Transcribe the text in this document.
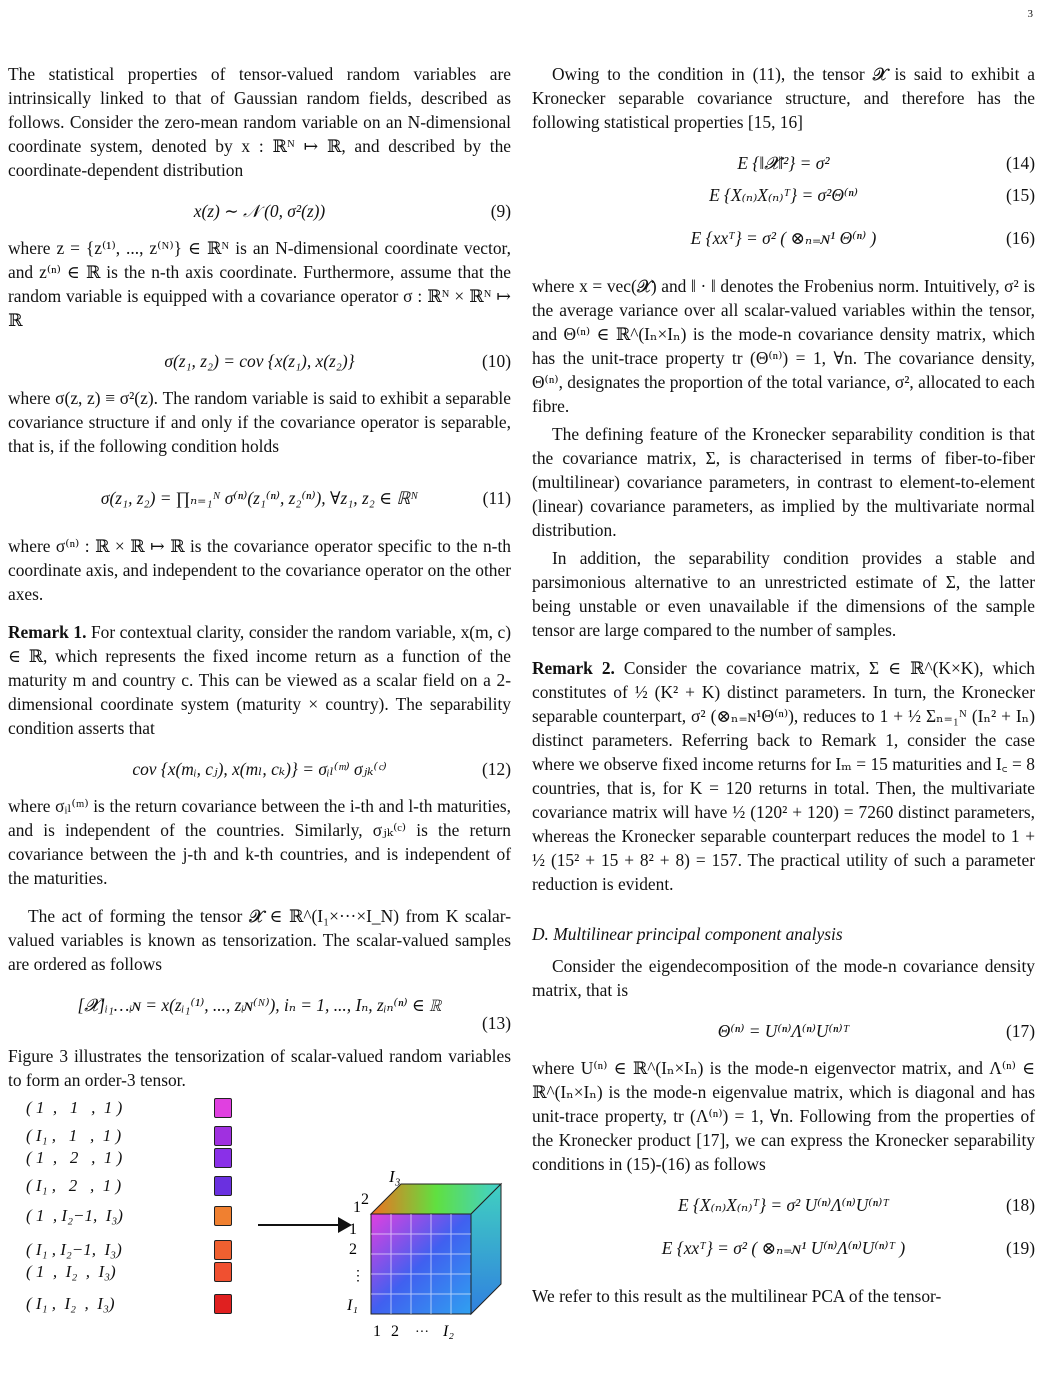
3

The statistical properties of tensor-valued random variables are intrinsically linked to that of Gaussian random fields, described as follows. Consider the zero-mean random variable on an N-dimensional coordinate system, denoted by x : ℝᴺ ↦ ℝ, and described by the coordinate-dependent distribution

x(z) ∼ 𝒩 (0, σ²(z))	(9)

where z = {z⁽¹⁾, ..., z⁽ᴺ⁾} ∈ ℝᴺ is an N-dimensional coordinate vector, and z⁽ⁿ⁾ ∈ ℝ is the n-th axis coordinate. Furthermore, assume that the random variable is equipped with a covariance operator σ : ℝᴺ × ℝᴺ ↦ ℝ

σ(z₁, z₂) = cov {x(z₁), x(z₂)}	(10)

where σ(z, z) ≡ σ²(z). The random variable is said to exhibit a separable covariance structure if and only if the covariance operator is separable, that is, if the following condition holds

σ(z₁, z₂) = ∏ₙ₌₁ᴺ σ⁽ⁿ⁾(z₁⁽ⁿ⁾, z₂⁽ⁿ⁾), ∀z₁, z₂ ∈ ℝᴺ	(11)

where σ⁽ⁿ⁾ : ℝ × ℝ ↦ ℝ is the covariance operator specific to the n-th coordinate axis, and independent to the covariance operator on the other axes.

Remark 1. For contextual clarity, consider the random variable, x(m, c) ∈ ℝ, which represents the fixed income return as a function of the maturity m and country c. This can be viewed as a scalar field on a 2-dimensional coordinate system (maturity × country). The separability condition asserts that

cov {x(mᵢ, cⱼ), x(mₗ, cₖ)} = σᵢₗ⁽ᵐ⁾ σⱼₖ⁽ᶜ⁾	(12)

where σᵢₗ⁽ᵐ⁾ is the return covariance between the i-th and l-th maturities, and is independent of the countries. Similarly, σⱼₖ⁽ᶜ⁾ is the return covariance between the j-th and k-th countries, and is independent of the maturities.

The act of forming the tensor 𝓧 ∈ ℝ^(I₁×···×I_N) from K scalar-valued variables is known as tensorization. The scalar-valued samples are ordered as follows

[𝓧]ᵢ₁…ᵢɴ = x(zᵢ₁⁽¹⁾, ..., zᵢɴ⁽ᴺ⁾), iₙ = 1, ..., Iₙ, zᵢₙ⁽ⁿ⁾ ∈ ℝ
(13)

Figure 3 illustrates the tensorization of scalar-valued random variables to form an order-3 tensor.

( 1  ,   1   ,  1 )
( I₁ ,   1   ,  1 )
( 1  ,   2   ,  1 )
( I₁ ,   2   ,  1 )
( 1  , I₂−1,  I₃)
( I₁ , I₂−1,  I₃)
( 1  ,  I₂  ,  I₃)
( I₁ ,  I₂  ,  I₃)
I₃
1 2
1
2
⋮
I₁
1 2 ··· I₂

Owing to the condition in (11), the tensor 𝓧 is said to exhibit a Kronecker separable covariance structure, and therefore has the following statistical properties [15, 16]

E {‖𝓧‖²} = σ²	(14)
E {X₍ₙ₎X₍ₙ₎ᵀ} = σ²Θ⁽ⁿ⁾	(15)
E {xxᵀ} = σ² ( ⊗ₙ₌ɴ¹ Θ⁽ⁿ⁾ )	(16)

where x = vec(𝓧) and ‖ · ‖ denotes the Frobenius norm. Intuitively, σ² is the average variance over all scalar-valued variables within the tensor, and Θ⁽ⁿ⁾ ∈ ℝ^(Iₙ×Iₙ) is the mode-n covariance density matrix, which has the unit-trace property tr (Θ⁽ⁿ⁾) = 1, ∀n. The covariance density, Θ⁽ⁿ⁾, designates the proportion of the total variance, σ², allocated to each fibre.

The defining feature of the Kronecker separability condition is that the covariance matrix, Σ, is characterised in terms of fiber-to-fiber (multilinear) covariance parameters, in contrast to element-to-element (linear) covariance parameters, as implied by the multivariate normal distribution.

In addition, the separability condition provides a stable and parsimonious alternative to an unrestricted estimate of Σ, the latter being unstable or even unavailable if the dimensions of the sample tensor are large compared to the number of samples.

Remark 2. Consider the covariance matrix, Σ ∈ ℝ^(K×K), which constitutes of ½ (K² + K) distinct parameters. In turn, the Kronecker separable counterpart, σ² (⊗ₙ₌ɴ¹Θ⁽ⁿ⁾), reduces to 1 + ½ Σₙ₌₁ᴺ (Iₙ² + Iₙ) distinct parameters. Referring back to Remark 1, consider the case where we observe fixed income returns for Iₘ = 15 maturities and I꜀ = 8 countries, that is, for K = 120 returns in total. Then, the multivariate covariance matrix will have ½ (120² + 120) = 7260 distinct parameters, whereas the Kronecker separable counterpart reduces the model to 1 + ½ (15² + 15 + 8² + 8) = 157. The practical utility of such a parameter reduction is evident.

D. Multilinear principal component analysis

Consider the eigendecomposition of the mode-n covariance density matrix, that is

Θ⁽ⁿ⁾ = U⁽ⁿ⁾Λ⁽ⁿ⁾U⁽ⁿ⁾ᵀ	(17)

where U⁽ⁿ⁾ ∈ ℝ^(Iₙ×Iₙ) is the mode-n eigenvector matrix, and Λ⁽ⁿ⁾ ∈ ℝ^(Iₙ×Iₙ) is the mode-n eigenvalue matrix, which is diagonal and has unit-trace property, tr (Λ⁽ⁿ⁾) = 1, ∀n. Following from the properties of the Kronecker product [17], we can express the Kronecker separability conditions in (15)-(16) as follows

E {X₍ₙ₎X₍ₙ₎ᵀ} = σ² U⁽ⁿ⁾Λ⁽ⁿ⁾U⁽ⁿ⁾ᵀ	(18)
E {xxᵀ} = σ² ( ⊗ₙ₌ɴ¹ U⁽ⁿ⁾Λ⁽ⁿ⁾U⁽ⁿ⁾ᵀ )	(19)

We refer to this result as the multilinear PCA of the tensor-
